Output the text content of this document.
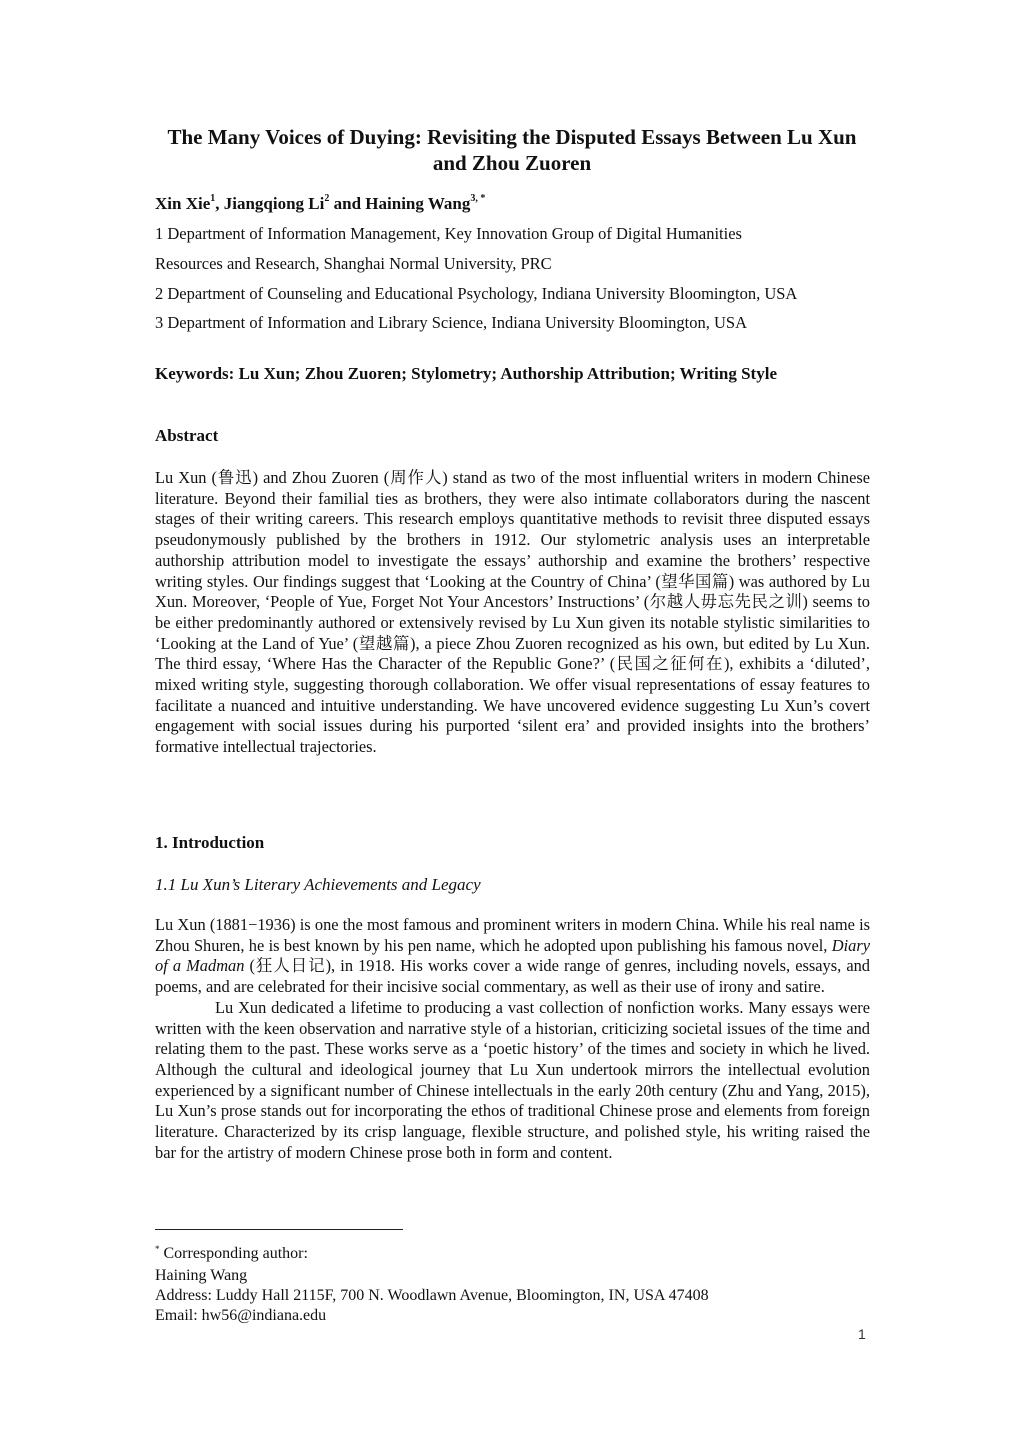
The Many Voices of Duying: Revisiting the Disputed Essays Between Lu Xun and Zhou Zuoren
Xin Xie$^1$, Jiangqiong Li$^2$ and Haining Wang$^{3, *}$
1 Department of Information Management, Key Innovation Group of Digital Humanities
Resources and Research, Shanghai Normal University, PRC
2 Department of Counseling and Educational Psychology, Indiana University Bloomington, USA
3 Department of Information and Library Science, Indiana University Bloomington, USA
Keywords: Lu Xun; Zhou Zuoren; Stylometry; Authorship Attribution; Writing Style
Abstract

Lu Xun (鲁迅) and Zhou Zuoren (周作人) stand as two of the most influential writers in modern Chinese literature. Beyond their familial ties as brothers, they were also intimate collaborators during the nascent stages of their writing careers. This research employs quantitative methods to revisit three disputed essays pseudonymously published by the brothers in 1912. Our stylometric analysis uses an interpretable authorship attribution model to investigate the essays’ authorship and examine the brothers’ respective writing styles. Our findings suggest that ‘Looking at the Country of China’ (望华国篇) was authored by Lu Xun. Moreover, ‘People of Yue, Forget Not Your Ancestors’ Instructions’ (尔越人毋忘先民之训) seems to be either predominantly authored or extensively revised by Lu Xun given its notable stylistic similarities to ‘Looking at the Land of Yue’ (望越篇), a piece Zhou Zuoren recognized as his own, but edited by Lu Xun. The third essay, ‘Where Has the Character of the Republic Gone?’ (民国之征何在), exhibits a ‘diluted’, mixed writing style, suggesting thorough collaboration. We offer visual representations of essay features to facilitate a nuanced and intuitive understanding. We have uncovered evidence suggesting Lu Xun’s covert engagement with social issues during his purported ‘silent era’ and provided insights into the brothers’ formative intellectual trajectories.

1. Introduction
1.1 Lu Xun’s Literary Achievements and Legacy

Lu Xun (1881−1936) is one the most famous and prominent writers in modern China. While his real name is Zhou Shuren, he is best known by his pen name, which he adopted upon publishing his famous novel, Diary of a Madman (狂人日记), in 1918. His works cover a wide range of genres, including novels, essays, and poems, and are celebrated for their incisive social commentary, as well as their use of irony and satire.

Lu Xun dedicated a lifetime to producing a vast collection of nonfiction works. Many essays were written with the keen observation and narrative style of a historian, criticizing societal issues of the time and relating them to the past. These works serve as a ‘poetic history’ of the times and society in which he lived. Although the cultural and ideological journey that Lu Xun undertook mirrors the intellectual evolution experienced by a significant number of Chinese intellectuals in the early 20th century (Zhu and Yang, 2015), Lu Xun’s prose stands out for incorporating the ethos of traditional Chinese prose and elements from foreign literature. Characterized by its crisp language, flexible structure, and polished style, his writing raised the bar for the artistry of modern Chinese prose both in form and content.

* Corresponding author:
Haining Wang
Address: Luddy Hall 2115F, 700 N. Woodlawn Avenue, Bloomington, IN, USA 47408
Email: hw56@indiana.edu
1
